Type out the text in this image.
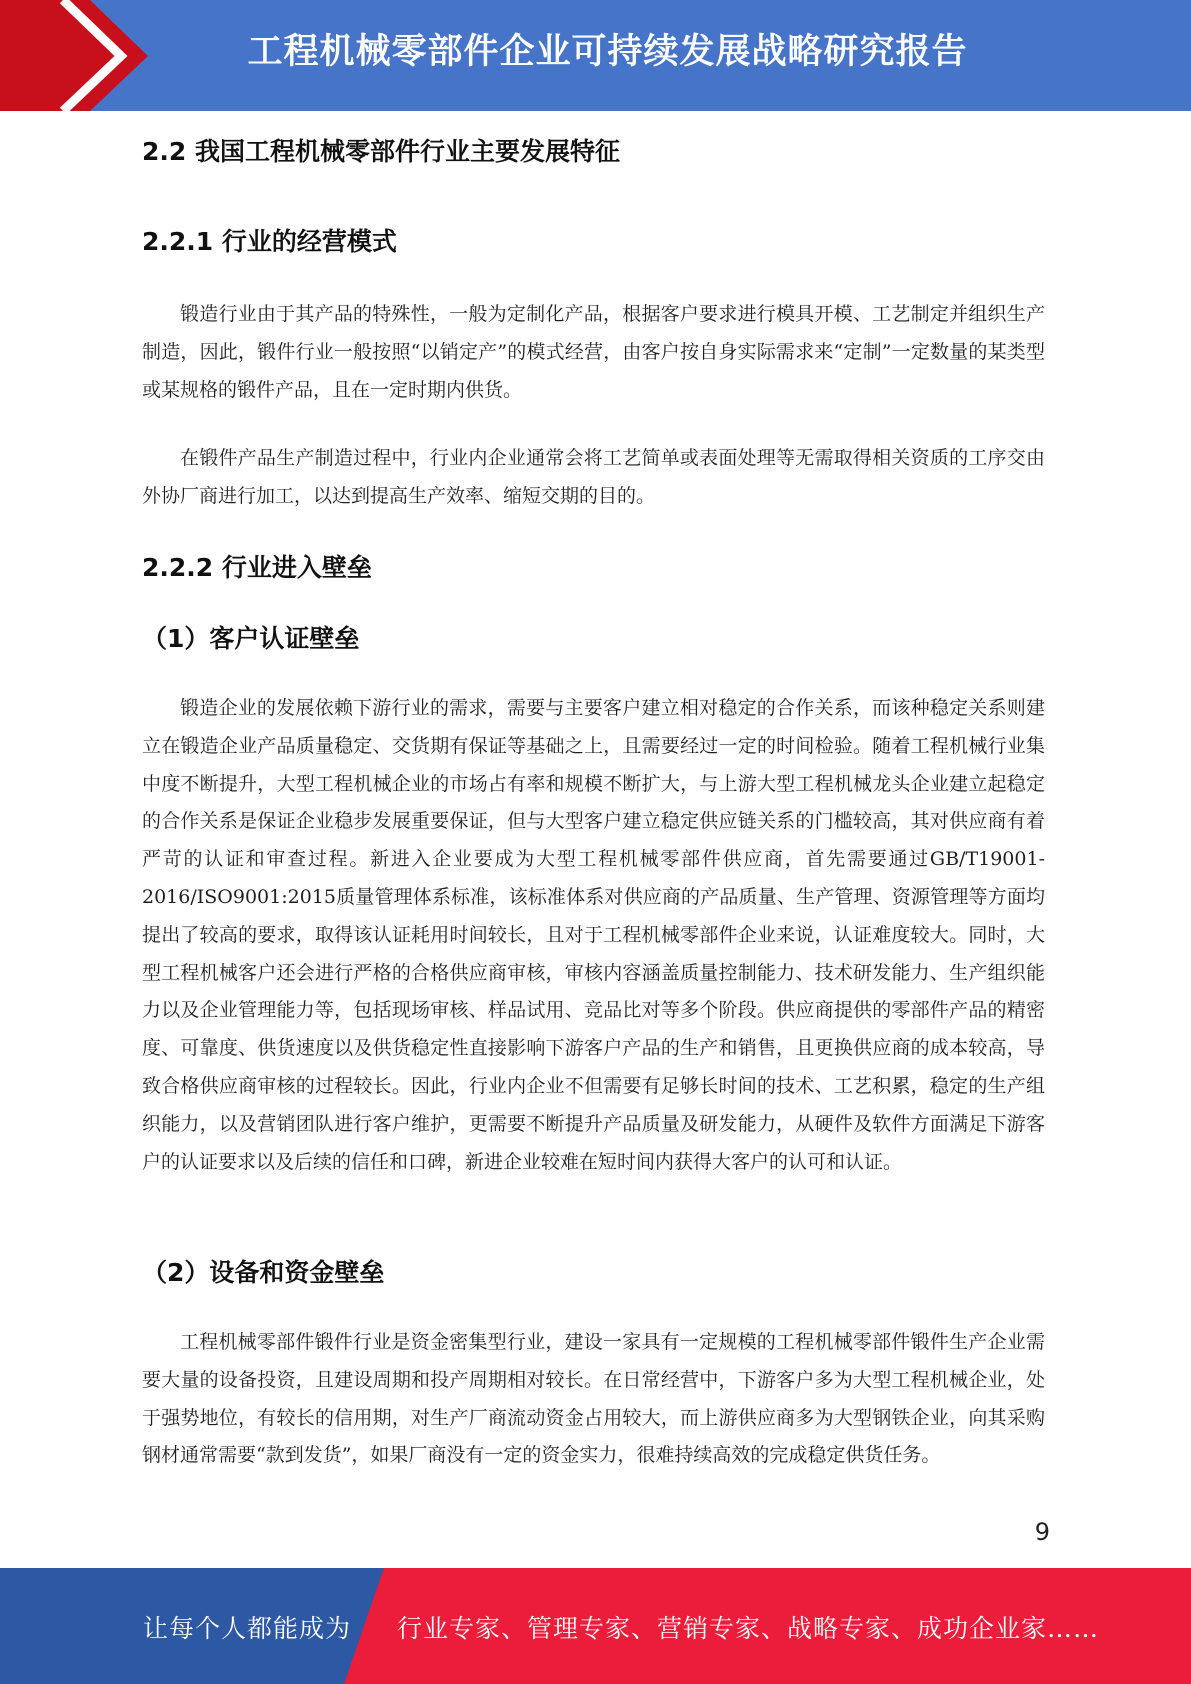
工程机械零部件企业可持续发展战略研究报告
2.2 我国工程机械零部件行业主要发展特征
2.2.1 行业的经营模式

锻造行业由于其产品的特殊性，一般为定制化产品，根据客户要求进行模具开模、工艺制定并组织生产制造，因此，锻件行业一般按照“以销定产”的模式经营，由客户按自身实际需求来“定制”一定数量的某类型或某规格的锻件产品，且在一定时期内供货。

在锻件产品生产制造过程中，行业内企业通常会将工艺简单或表面处理等无需取得相关资质的工序交由外协厂商进行加工，以达到提高生产效率、缩短交期的目的。

2.2.2 行业进入壁垒
（1）客户认证壁垒

锻造企业的发展依赖下游行业的需求，需要与主要客户建立相对稳定的合作关系，而该种稳定关系则建立在锻造企业产品质量稳定、交货期有保证等基础之上，且需要经过一定的时间检验。随着工程机械行业集中度不断提升，大型工程机械企业的市场占有率和规模不断扩大，与上游大型工程机械龙头企业建立起稳定的合作关系是保证企业稳步发展重要保证，但与大型客户建立稳定供应链关系的门槛较高，其对供应商有着严苛的认证和审查过程。新进入企业要成为大型工程机械零部件供应商，首先需要通过GB/T19001-2016/ISO9001:2015质量管理体系标准，该标准体系对供应商的产品质量、生产管理、资源管理等方面均提出了较高的要求，取得该认证耗用时间较长，且对于工程机械零部件企业来说，认证难度较大。同时，大型工程机械客户还会进行严格的合格供应商审核，审核内容涵盖质量控制能力、技术研发能力、生产组织能力以及企业管理能力等，包括现场审核、样品试用、竞品比对等多个阶段。供应商提供的零部件产品的精密度、可靠度、供货速度以及供货稳定性直接影响下游客户产品的生产和销售，且更换供应商的成本较高，导致合格供应商审核的过程较长。因此，行业内企业不但需要有足够长时间的技术、工艺积累，稳定的生产组织能力，以及营销团队进行客户维护，更需要不断提升产品质量及研发能力，从硬件及软件方面满足下游客户的认证要求以及后续的信任和口碑，新进企业较难在短时间内获得大客户的认可和认证。

（2）设备和资金壁垒

工程机械零部件锻件行业是资金密集型行业，建设一家具有一定规模的工程机械零部件锻件生产企业需要大量的设备投资，且建设周期和投产周期相对较长。在日常经营中，下游客户多为大型工程机械企业，处于强势地位，有较长的信用期，对生产厂商流动资金占用较大，而上游供应商多为大型钢铁企业，向其采购钢材通常需要“款到发货”，如果厂商没有一定的资金实力，很难持续高效的完成稳定供货任务。

9
让每个人都能成为 行业专家、管理专家、营销专家、战略专家、成功企业家……
